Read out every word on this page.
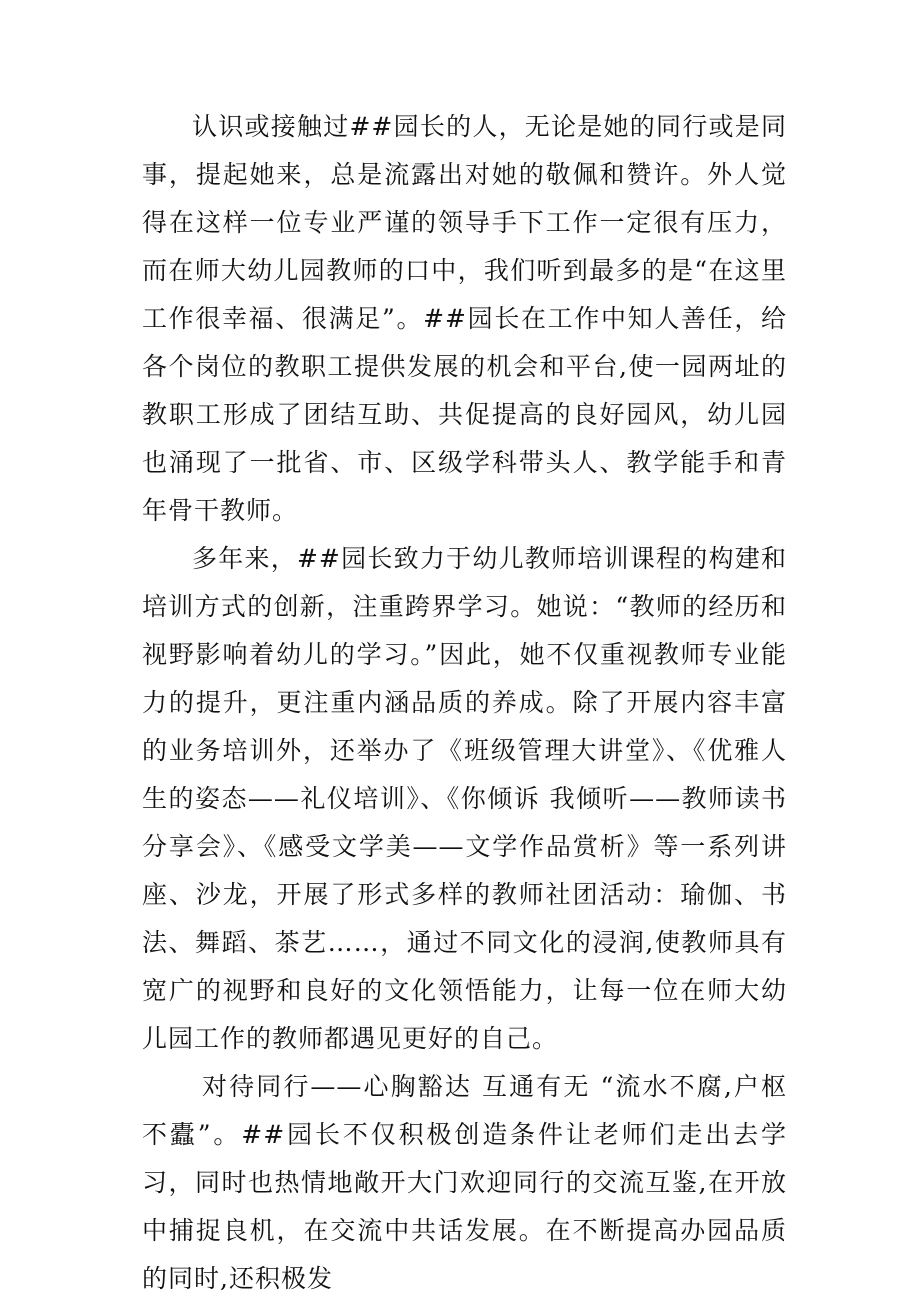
认识或接触过##园长的人，无论是她的同行或是同事，提起她来，总是流露出对她的敬佩和赞许。外人觉得在这样一位专业严谨的领导手下工作一定很有压力，而在师大幼儿园教师的口中，我们听到最多的是“在这里工作很幸福、很满足”。##园长在工作中知人善任，给各个岗位的教职工提供发展的机会和平台,使一园两址的教职工形成了团结互助、共促提高的良好园风，幼儿园也涌现了一批省、市、区级学科带头人、教学能手和青年骨干教师。

多年来，##园长致力于幼儿教师培训课程的构建和培训方式的创新，注重跨界学习。她说：“教师的经历和视野影响着幼儿的学习。”因此，她不仅重视教师专业能力的提升，更注重内涵品质的养成。除了开展内容丰富的业务培训外，还举办了《班级管理大讲堂》、《优雅人生的姿态——礼仪培训》、《你倾诉 我倾听——教师读书分享会》、《感受文学美——文学作品赏析》等一系列讲座、沙龙，开展了形式多样的教师社团活动：瑜伽、书法、舞蹈、茶艺……，通过不同文化的浸润,使教师具有宽广的视野和良好的文化领悟能力，让每一位在师大幼儿园工作的教师都遇见更好的自己。

对待同行——心胸豁达 互通有无 “流水不腐,户枢不蠹”。##园长不仅积极创造条件让老师们走出去学习，同时也热情地敞开大门欢迎同行的交流互鉴,在开放中捕捉良机，在交流中共话发展。在不断提高办园品质的同时,还积极发
